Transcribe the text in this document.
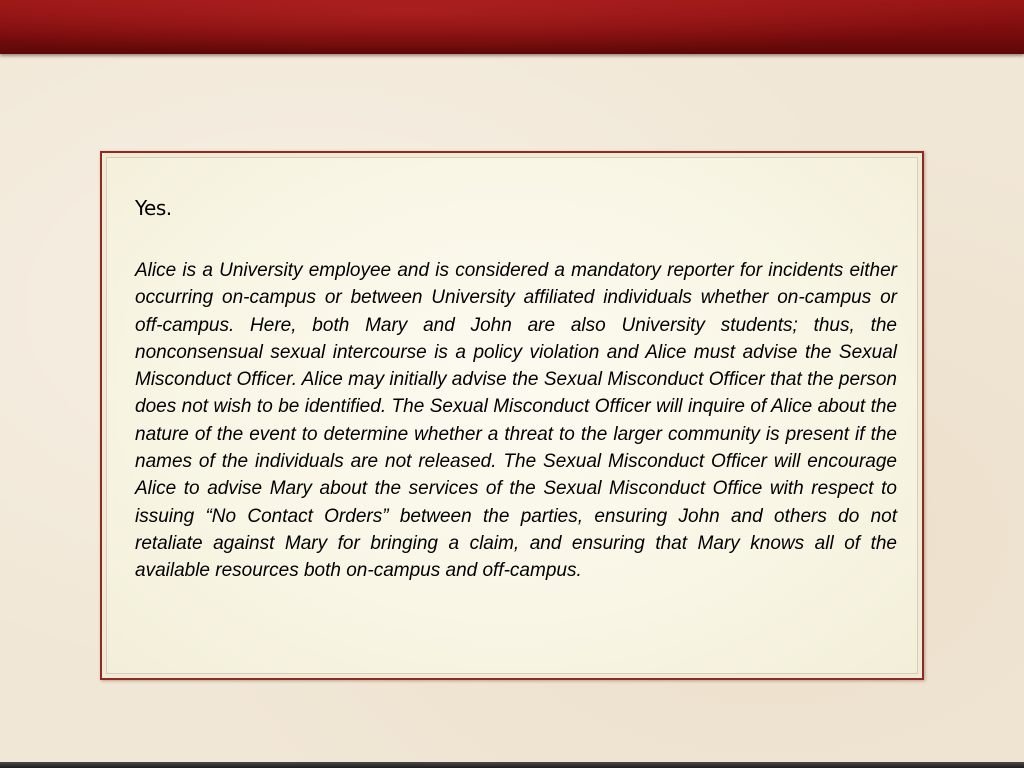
Yes.

Alice is a University employee and is considered a mandatory reporter for incidents either occurring on-campus or between University affiliated individuals whether on-campus or off-campus. Here, both Mary and John are also University students; thus, the nonconsensual sexual intercourse is a policy violation and Alice must advise the Sexual Misconduct Officer. Alice may initially advise the Sexual Misconduct Officer that the person does not wish to be identified. The Sexual Misconduct Officer will inquire of Alice about the nature of the event to determine whether a threat to the larger community is present if the names of the individuals are not released. The Sexual Misconduct Officer will encourage Alice to advise Mary about the services of the Sexual Misconduct Office with respect to issuing “No Contact Orders” between the parties, ensuring John and others do not retaliate against Mary for bringing a claim, and ensuring that Mary knows all of the available resources both on-campus and off-campus.
